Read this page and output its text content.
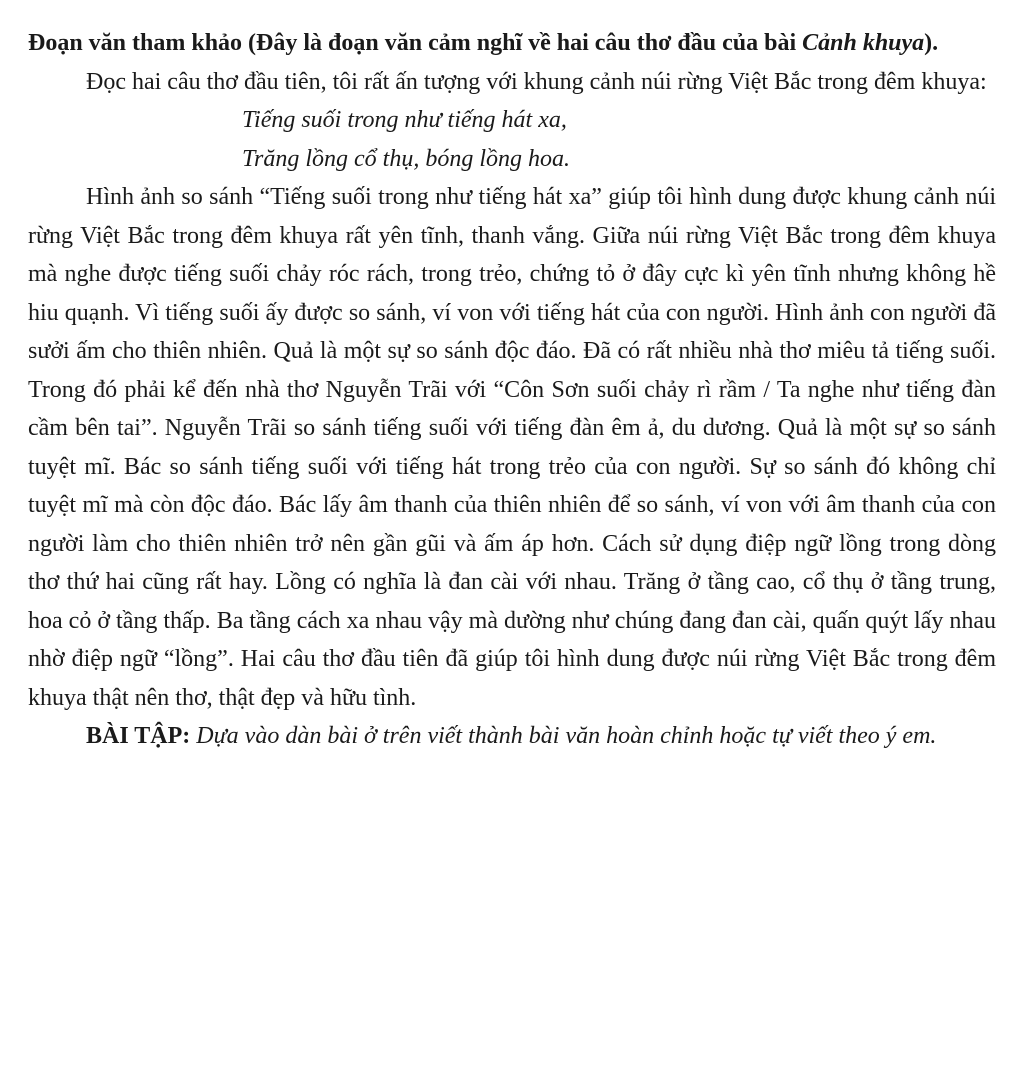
Đoạn văn tham khảo (Đây là đoạn văn cảm nghĩ về hai câu thơ đầu của bài Cảnh khuya).

Đọc hai câu thơ đầu tiên, tôi rất ấn tượng với khung cảnh núi rừng Việt Bắc trong đêm khuya:

Tiếng suối trong như tiếng hát xa,
Trăng lồng cổ thụ, bóng lồng hoa.

Hình ảnh so sánh “Tiếng suối trong như tiếng hát xa” giúp tôi hình dung được khung cảnh núi rừng Việt Bắc trong đêm khuya rất yên tĩnh, thanh vắng. Giữa núi rừng Việt Bắc trong đêm khuya mà nghe được tiếng suối chảy róc rách, trong trẻo, chứng tỏ ở đây cực kì yên tĩnh nhưng không hề hiu quạnh. Vì tiếng suối ấy được so sánh, ví von với tiếng hát của con người. Hình ảnh con người đã sưởi ấm cho thiên nhiên. Quả là một sự so sánh độc đáo. Đã có rất nhiều nhà thơ miêu tả tiếng suối. Trong đó phải kể đến nhà thơ Nguyễn Trãi với “Côn Sơn suối chảy rì rầm / Ta nghe như tiếng đàn cầm bên tai”. Nguyễn Trãi so sánh tiếng suối với tiếng đàn êm ả, du dương. Quả là một sự so sánh tuyệt mĩ. Bác so sánh tiếng suối với tiếng hát trong trẻo của con người. Sự so sánh đó không chỉ tuyệt mĩ mà còn độc đáo. Bác lấy âm thanh của thiên nhiên để so sánh, ví von với âm thanh của con người làm cho thiên nhiên trở nên gần gũi và ấm áp hơn. Cách sử dụng điệp ngữ lồng trong dòng thơ thứ hai cũng rất hay. Lồng có nghĩa là đan cài với nhau. Trăng ở tầng cao, cổ thụ ở tầng trung, hoa cỏ ở tầng thấp. Ba tầng cách xa nhau vậy mà dường như chúng đang đan cài, quấn quýt lấy nhau nhờ điệp ngữ “lồng”. Hai câu thơ đầu tiên đã giúp tôi hình dung được núi rừng Việt Bắc trong đêm khuya thật nên thơ, thật đẹp và hữu tình.

BÀI TẬP: Dựa vào dàn bài ở trên viết thành bài văn hoàn chỉnh hoặc tự viết theo ý em.
